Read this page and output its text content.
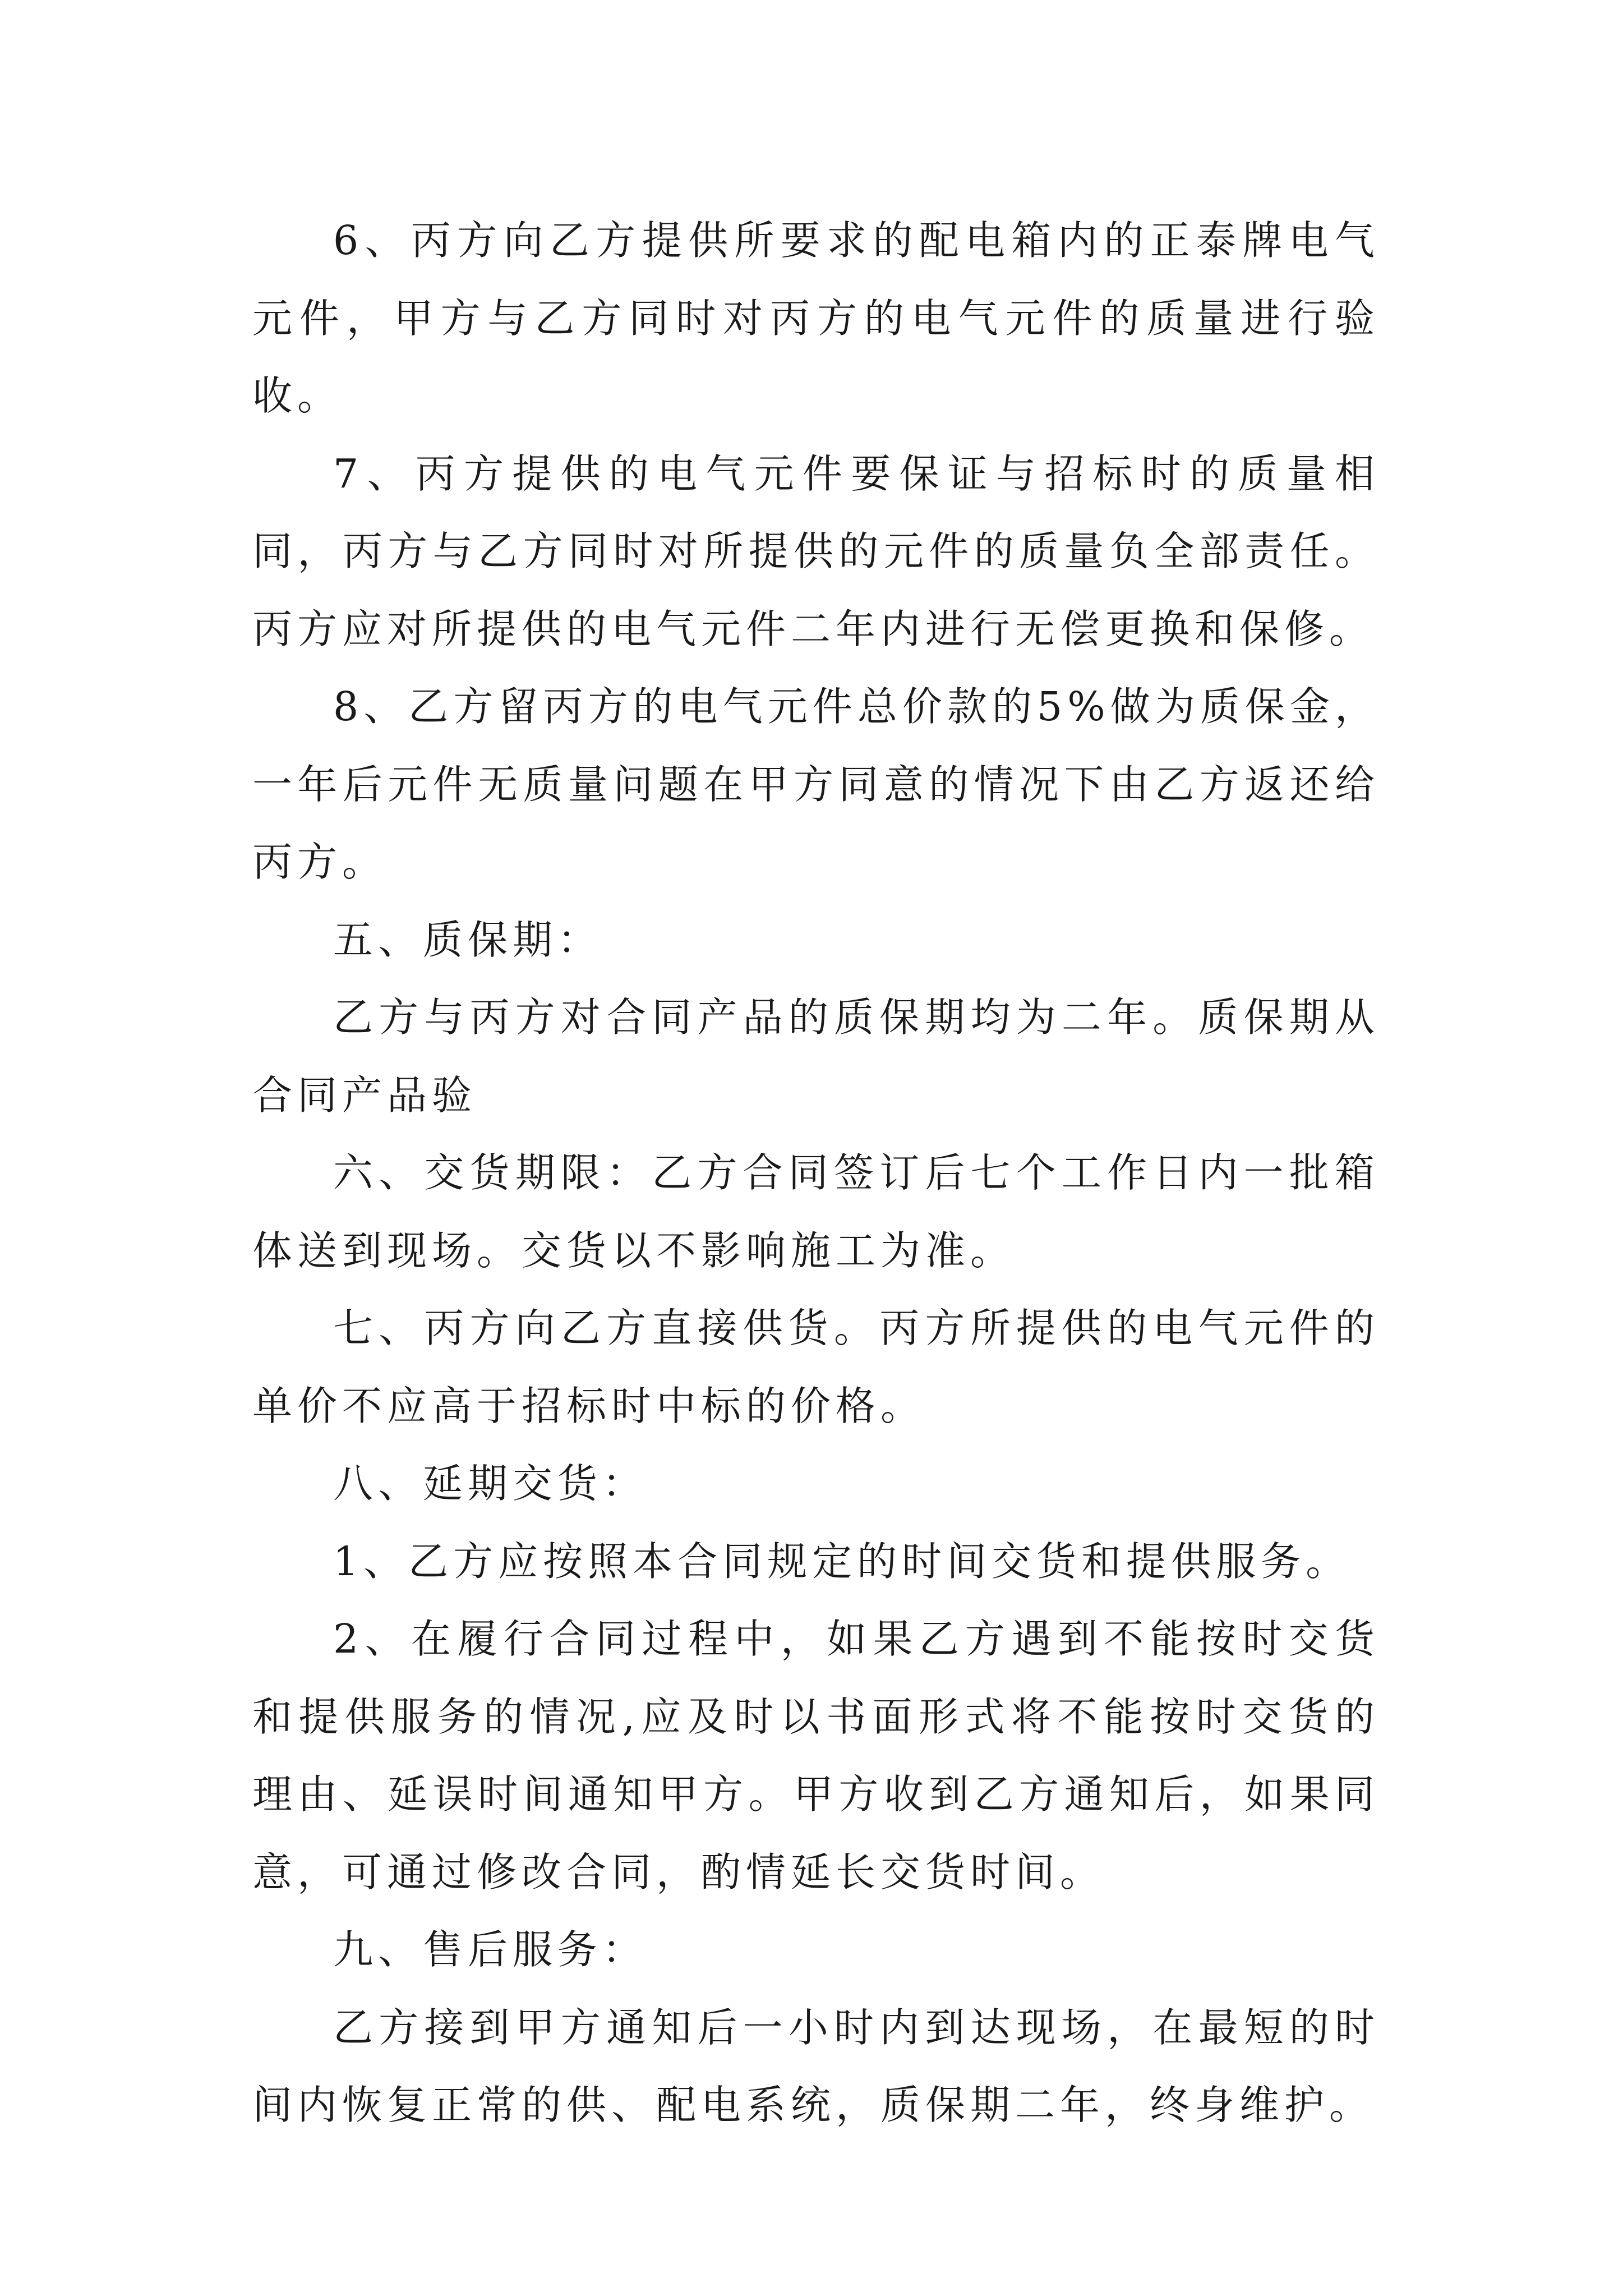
6、丙方向乙方提供所要求的配电箱内的正泰牌电气元件，甲方与乙方同时对丙方的电气元件的质量进行验收。

7、丙方提供的电气元件要保证与招标时的质量相同，丙方与乙方同时对所提供的元件的质量负全部责任。丙方应对所提供的电气元件二年内进行无偿更换和保修。

8、乙方留丙方的电气元件总价款的5%做为质保金，一年后元件无质量问题在甲方同意的情况下由乙方返还给丙方。

五、质保期：

乙方与丙方对合同产品的质保期均为二年。质保期从合同产品验

六、交货期限：乙方合同签订后七个工作日内一批箱体送到现场。交货以不影响施工为准。

七、丙方向乙方直接供货。丙方所提供的电气元件的单价不应高于招标时中标的价格。

八、延期交货：

1、乙方应按照本合同规定的时间交货和提供服务。

2、在履行合同过程中，如果乙方遇到不能按时交货和提供服务的情况,应及时以书面形式将不能按时交货的理由、延误时间通知甲方。甲方收到乙方通知后，如果同意，可通过修改合同，酌情延长交货时间。

九、售后服务：

乙方接到甲方通知后一小时内到达现场，在最短的时间内恢复正常的供、配电系统，质保期二年，终身维护。
